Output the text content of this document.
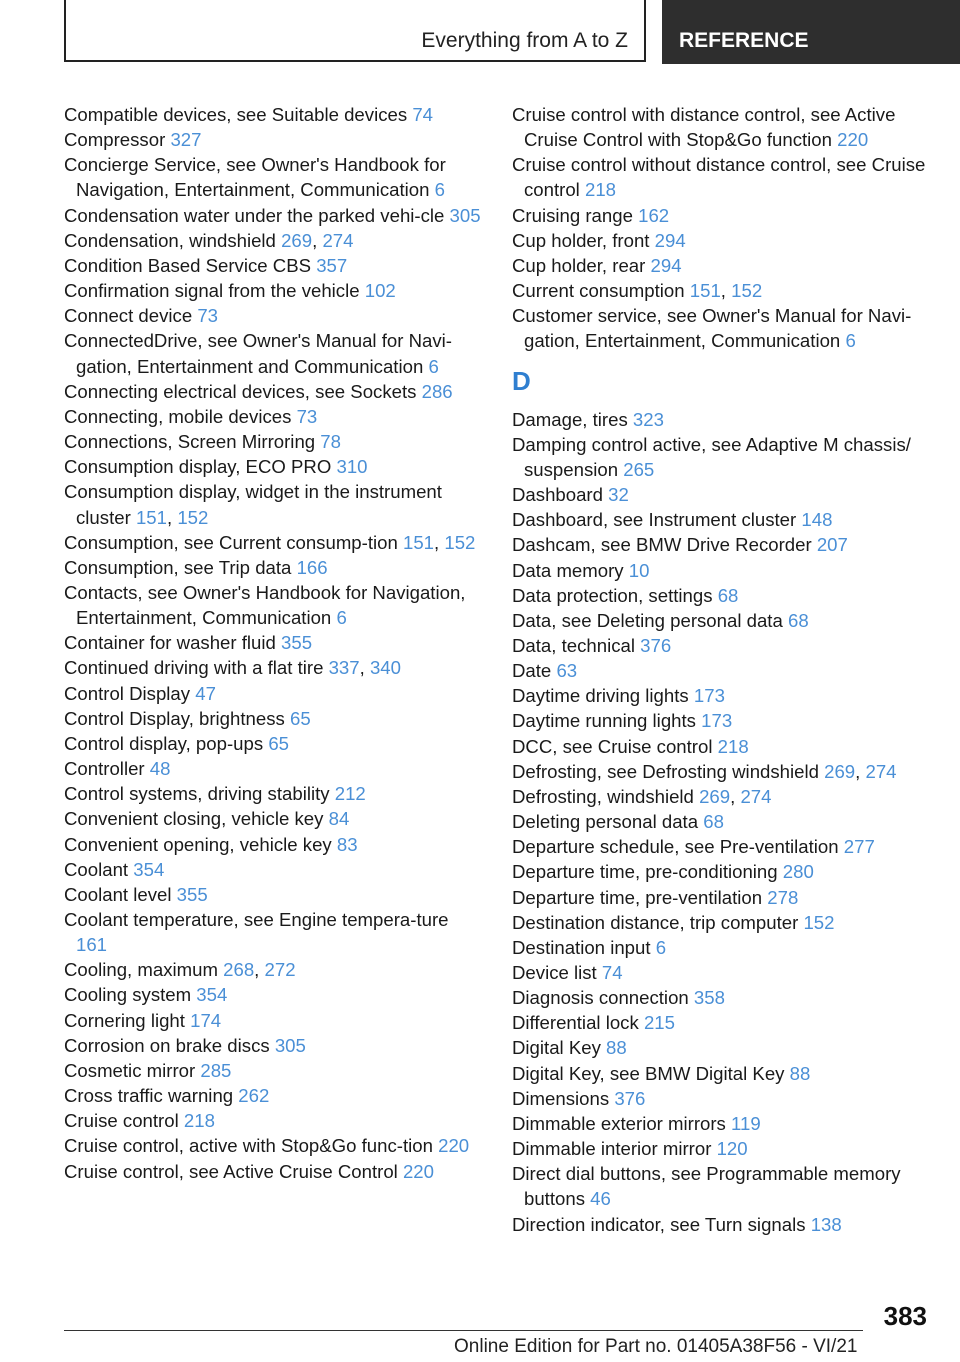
Everything from A to Z REFERENCE
Compatible devices, see Suitable devices 74
Compressor 327
Concierge Service, see Owner's Handbook for Navigation, Entertainment, Communication 6
Condensation water under the parked vehi-cle 305
Condensation, windshield 269, 274
Condition Based Service CBS 357
Confirmation signal from the vehicle 102
Connect device 73
ConnectedDrive, see Owner's Manual for Navi-gation, Entertainment and Communication 6
Connecting electrical devices, see Sockets 286
Connecting, mobile devices 73
Connections, Screen Mirroring 78
Consumption display, ECO PRO 310
Consumption display, widget in the instrument cluster 151, 152
Consumption, see Current consump-tion 151, 152
Consumption, see Trip data 166
Contacts, see Owner's Handbook for Navigation, Entertainment, Communication 6
Container for washer fluid 355
Continued driving with a flat tire 337, 340
Control Display 47
Control Display, brightness 65
Control display, pop-ups 65
Controller 48
Control systems, driving stability 212
Convenient closing, vehicle key 84
Convenient opening, vehicle key 83
Coolant 354
Coolant level 355
Coolant temperature, see Engine tempera-ture 161
Cooling, maximum 268, 272
Cooling system 354
Cornering light 174
Corrosion on brake discs 305
Cosmetic mirror 285
Cross traffic warning 262
Cruise control 218
Cruise control, active with Stop&Go func-tion 220
Cruise control, see Active Cruise Control 220
Cruise control with distance control, see Active Cruise Control with Stop&Go function 220
Cruise control without distance control, see Cruise control 218
Cruising range 162
Cup holder, front 294
Cup holder, rear 294
Current consumption 151, 152
Customer service, see Owner's Manual for Navi-gation, Entertainment, Communication 6
D
Damage, tires 323
Damping control active, see Adaptive M chassis/ suspension 265
Dashboard 32
Dashboard, see Instrument cluster 148
Dashcam, see BMW Drive Recorder 207
Data memory 10
Data protection, settings 68
Data, see Deleting personal data 68
Data, technical 376
Date 63
Daytime driving lights 173
Daytime running lights 173
DCC, see Cruise control 218
Defrosting, see Defrosting windshield 269, 274
Defrosting, windshield 269, 274
Deleting personal data 68
Departure schedule, see Pre-ventilation 277
Departure time, pre-conditioning 280
Departure time, pre-ventilation 278
Destination distance, trip computer 152
Destination input 6
Device list 74
Diagnosis connection 358
Differential lock 215
Digital Key 88
Digital Key, see BMW Digital Key 88
Dimensions 376
Dimmable exterior mirrors 119
Dimmable interior mirror 120
Direct dial buttons, see Programmable memory buttons 46
Direction indicator, see Turn signals 138
383
Online Edition for Part no. 01405A38F56 - VI/21
